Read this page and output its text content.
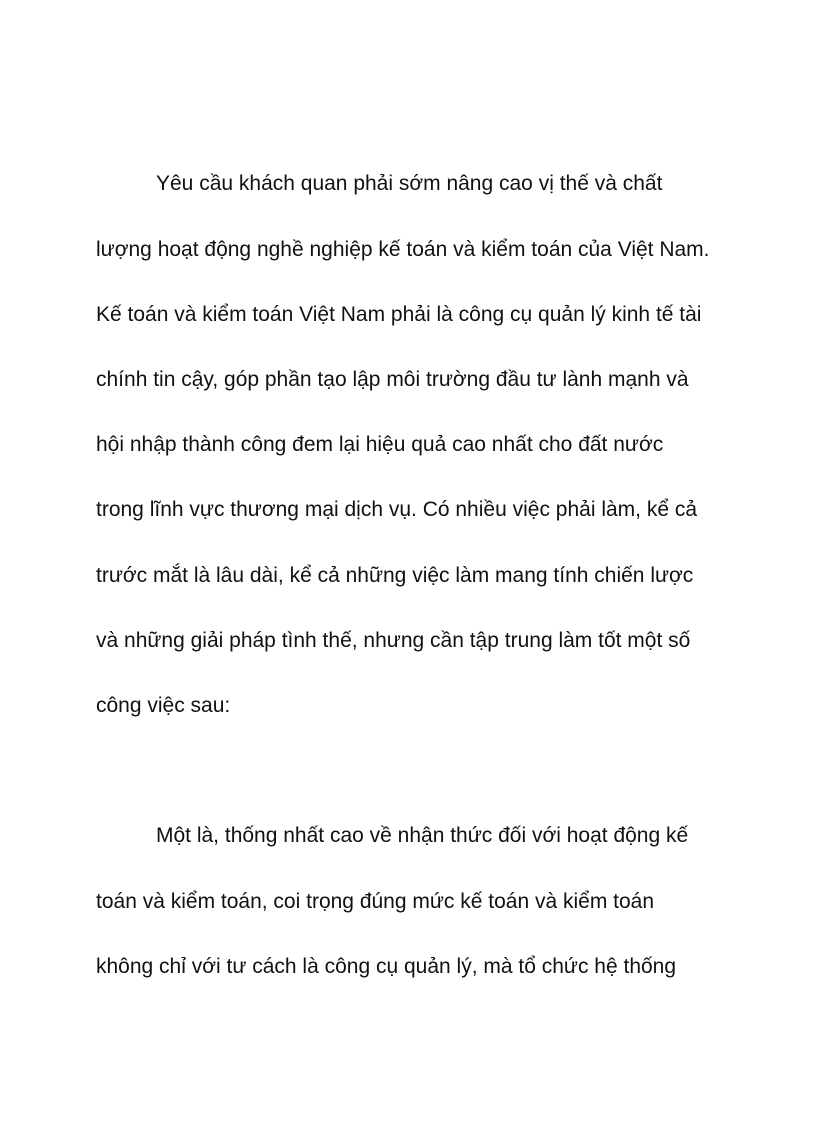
Yêu cầu khách quan phải sớm nâng cao vị thế và chất

lượng hoạt động nghề nghiệp kế toán và kiểm toán của Việt Nam.

Kế toán và kiểm toán Việt Nam phải là công cụ quản lý kinh tế tài

chính tin cậy, góp phần tạo lập môi trường đầu tư lành mạnh và

hội nhập thành công đem lại hiệu quả cao nhất cho đất nước

trong lĩnh vực thương mại dịch vụ. Có nhiều việc phải làm, kể cả

trước mắt là lâu dài, kể cả những việc làm mang tính chiến lược

và những giải pháp tình thế, nhưng cần tập trung làm tốt một số

công việc sau:

Một là, thống nhất cao về nhận thức đối với hoạt động kế

toán và kiểm toán, coi trọng đúng mức kế toán và kiểm toán

không chỉ với tư cách là công cụ quản lý, mà tổ chức hệ thống
